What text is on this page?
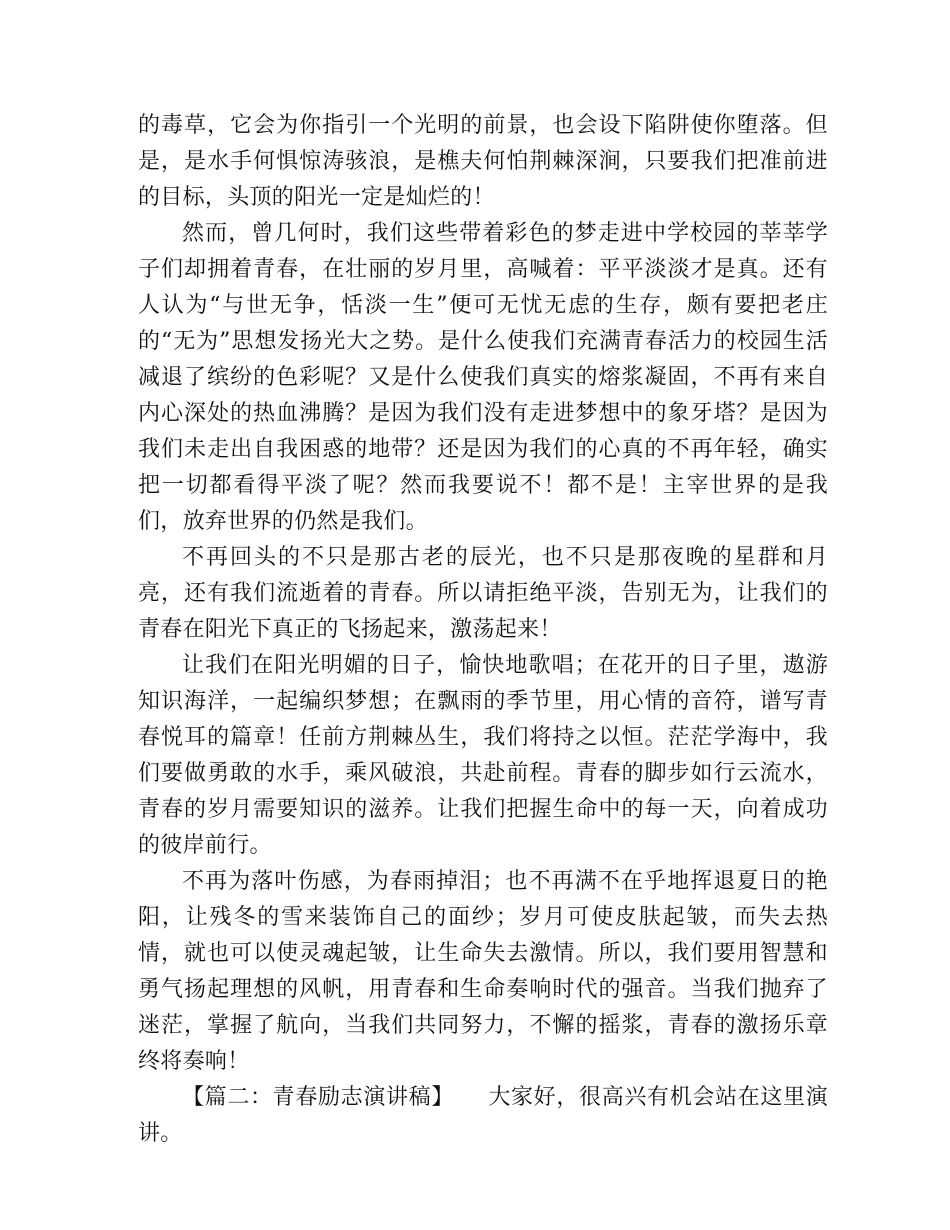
的毒草，它会为你指引一个光明的前景，也会设下陷阱使你堕落。但是，是水手何惧惊涛骇浪，是樵夫何怕荆棘深涧，只要我们把准前进的目标，头顶的阳光一定是灿烂的！

然而，曾几何时，我们这些带着彩色的梦走进中学校园的莘莘学子们却拥着青春，在壮丽的岁月里，高喊着：平平淡淡才是真。还有人认为“与世无争，恬淡一生”便可无忧无虑的生存，颇有要把老庄的“无为”思想发扬光大之势。是什么使我们充满青春活力的校园生活减退了缤纷的色彩呢？又是什么使我们真实的熔浆凝固，不再有来自内心深处的热血沸腾？是因为我们没有走进梦想中的象牙塔？是因为我们未走出自我困惑的地带？还是因为我们的心真的不再年轻，确实把一切都看得平淡了呢？然而我要说不！都不是！主宰世界的是我们，放弃世界的仍然是我们。

不再回头的不只是那古老的辰光，也不只是那夜晚的星群和月亮，还有我们流逝着的青春。所以请拒绝平淡，告别无为，让我们的青春在阳光下真正的飞扬起来，激荡起来！

让我们在阳光明媚的日子，愉快地歌唱；在花开的日子里，遨游知识海洋，一起编织梦想；在飘雨的季节里，用心情的音符，谱写青春悦耳的篇章！任前方荆棘丛生，我们将持之以恒。茫茫学海中，我们要做勇敢的水手，乘风破浪，共赴前程。青春的脚步如行云流水，青春的岁月需要知识的滋养。让我们把握生命中的每一天，向着成功的彼岸前行。

不再为落叶伤感，为春雨掉泪；也不再满不在乎地挥退夏日的艳阳，让残冬的雪来装饰自己的面纱；岁月可使皮肤起皱，而失去热情，就也可以使灵魂起皱，让生命失去激情。所以，我们要用智慧和勇气扬起理想的风帆，用青春和生命奏响时代的强音。当我们抛弃了迷茫，掌握了航向，当我们共同努力，不懈的摇浆，青春的激扬乐章终将奏响！

【篇二：青春励志演讲稿】　　大家好，很高兴有机会站在这里演讲。
